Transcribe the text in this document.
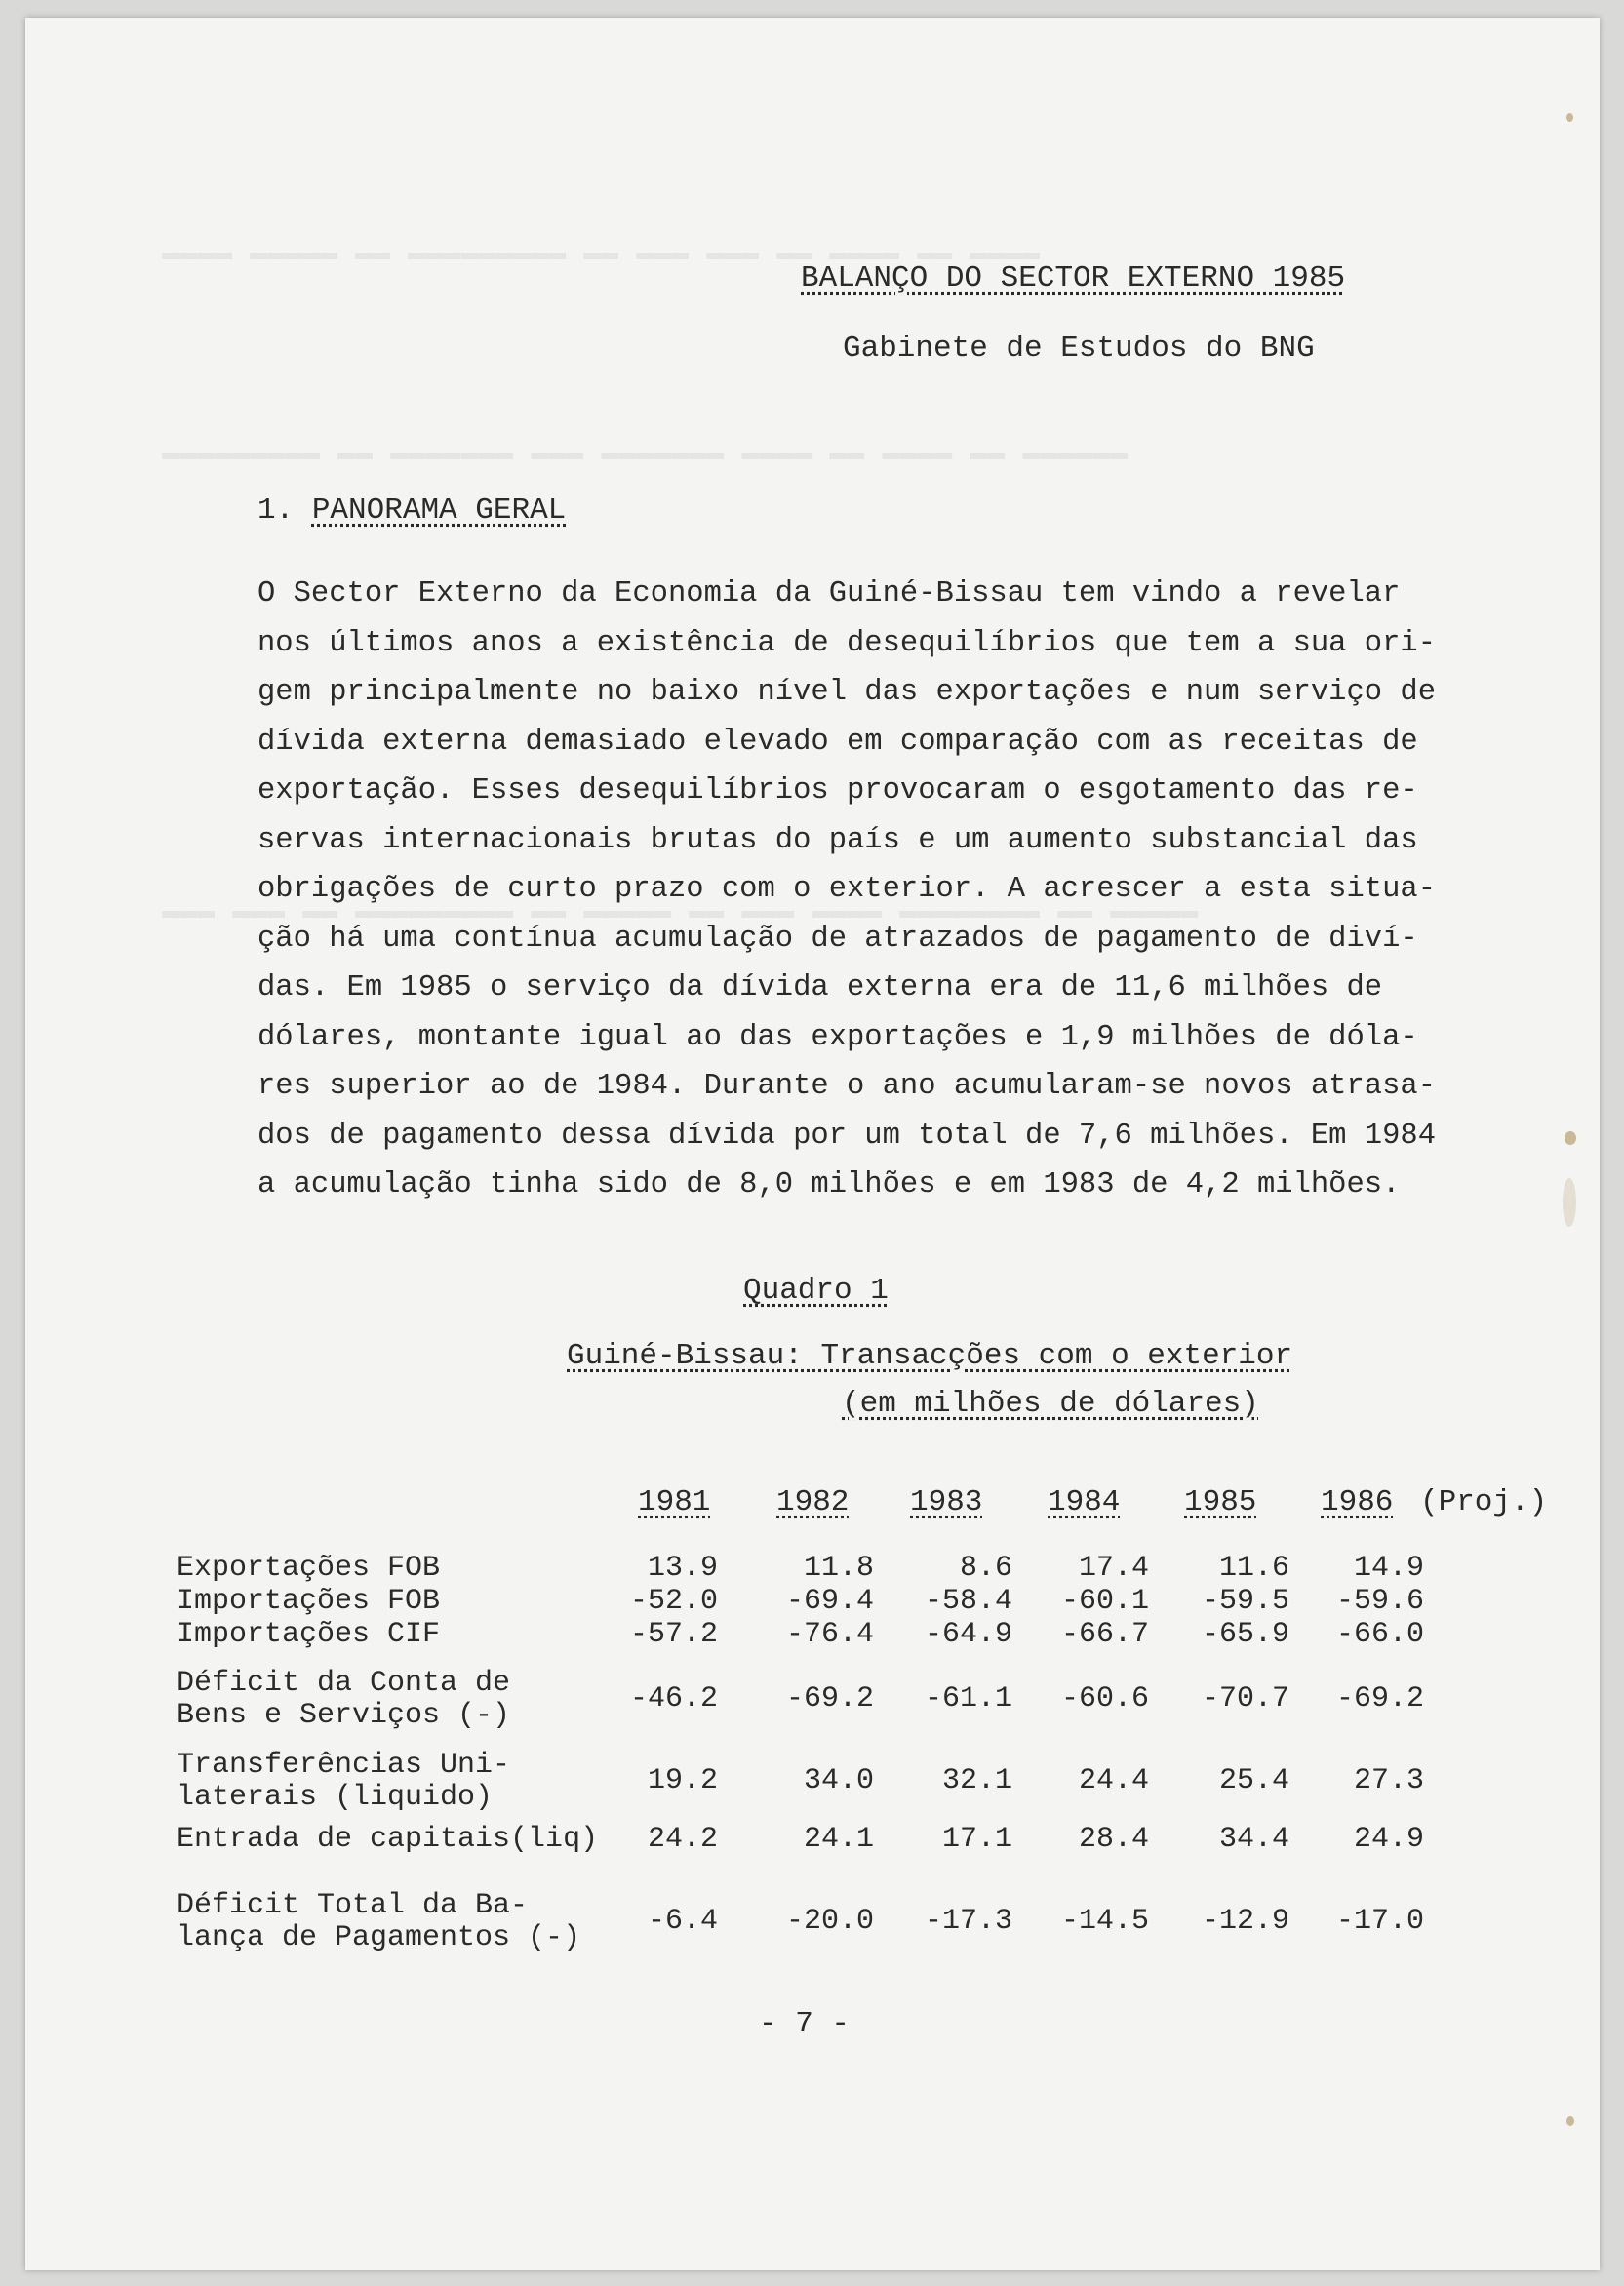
▬▬▬▬ ▬▬ ▬▬▬▬ ▬▬ ▬▬▬ ▬▬▬ ▬▬ ▬▬▬▬▬▬▬▬▬ ▬▬ ▬▬▬▬▬ ▬▬▬▬
▬▬▬▬▬▬ ▬▬ ▬▬▬▬ ▬▬ ▬▬▬▬ ▬▬▬▬▬▬▬ ▬▬▬ ▬▬▬▬▬▬▬ ▬▬ ▬▬▬▬▬▬▬▬▬
▬▬▬▬▬ ▬▬ ▬▬▬▬▬▬▬▬ ▬▬▬▬ ▬▬▬ ▬▬ ▬▬▬▬▬ ▬▬ ▬▬▬▬▬▬▬▬▬ ▬▬ ▬▬▬ ▬▬▬
BALANÇO DO SECTOR EXTERNO 1985
Gabinete de Estudos do BNG
1. PANORAMA GERAL
O Sector Externo da Economia da Guiné-Bissau tem vindo a revelar
nos últimos anos a existência de desequilíbrios que tem a sua ori-
gem principalmente no baixo nível das exportações e num serviço de
dívida externa demasiado elevado em comparação com as receitas de
exportação. Esses desequilíbrios provocaram o esgotamento das re-
servas internacionais brutas do país e um aumento substancial das
obrigações de curto prazo com o exterior. A acrescer a esta situa-
ção há uma contínua acumulação de atrazados de pagamento de diví-
das. Em 1985 o serviço da dívida externa era de 11,6 milhões de
dólares, montante igual ao das exportações e 1,9 milhões de dóla-
res superior ao de 1984. Durante o ano acumularam-se novos atrasa-
dos de pagamento dessa dívida por um total de 7,6 milhões. Em 1984
a acumulação tinha sido de 8,0 milhões e em 1983 de 4,2 milhões.
Quadro 1
Guiné-Bissau: Transacções com o exterior
(em milhões de dólares)
1981 1982 1983 1984 1985 1986 (Proj.)
Exportações FOB	13.9	11.8	8.6	17.4	11.6	14.9
Importações FOB	-52.0	-69.4	-58.4	-60.1	-59.5	-59.6
Importações CIF	-57.2	-76.4	-64.9	-66.7	-65.9	-66.0
Déficit da Conta de
Bens e Serviços (-)	-46.2	-69.2	-61.1	-60.6	-70.7	-69.2
Transferências Uni-
laterais (liquido)	19.2	34.0	32.1	24.4	25.4	27.3
Entrada de capitais(liq)	24.2	24.1	17.1	28.4	34.4	24.9
Déficit Total da Ba-
lança de Pagamentos (-)	-6.4	-20.0	-17.3	-14.5	-12.9	-17.0
- 7 -
